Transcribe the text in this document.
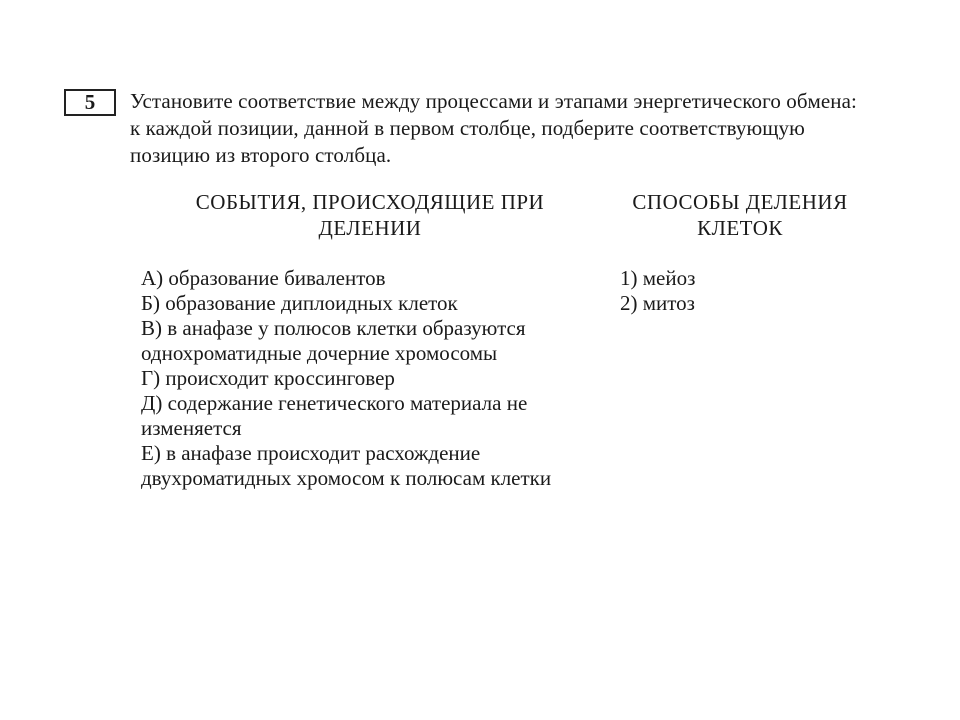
5 Установите соответствие между процессами и этапами энергетического обмена: к каждой позиции, данной в первом столбце, подберите соответствующую позицию из второго столбца.
СОБЫТИЯ, ПРОИСХОДЯЩИЕ ПРИ ДЕЛЕНИИ
СПОСОБЫ ДЕЛЕНИЯ КЛЕТОК
А) образование бивалентов
Б) образование диплоидных клеток
В) в анафазе у полюсов клетки образуются однохроматидные дочерние хромосомы
Г) происходит кроссинговер
Д) содержание генетического материала не изменяется
Е) в анафазе происходит расхождение двухроматидных хромосом к полюсам клетки
1) мейоз
2) митоз
